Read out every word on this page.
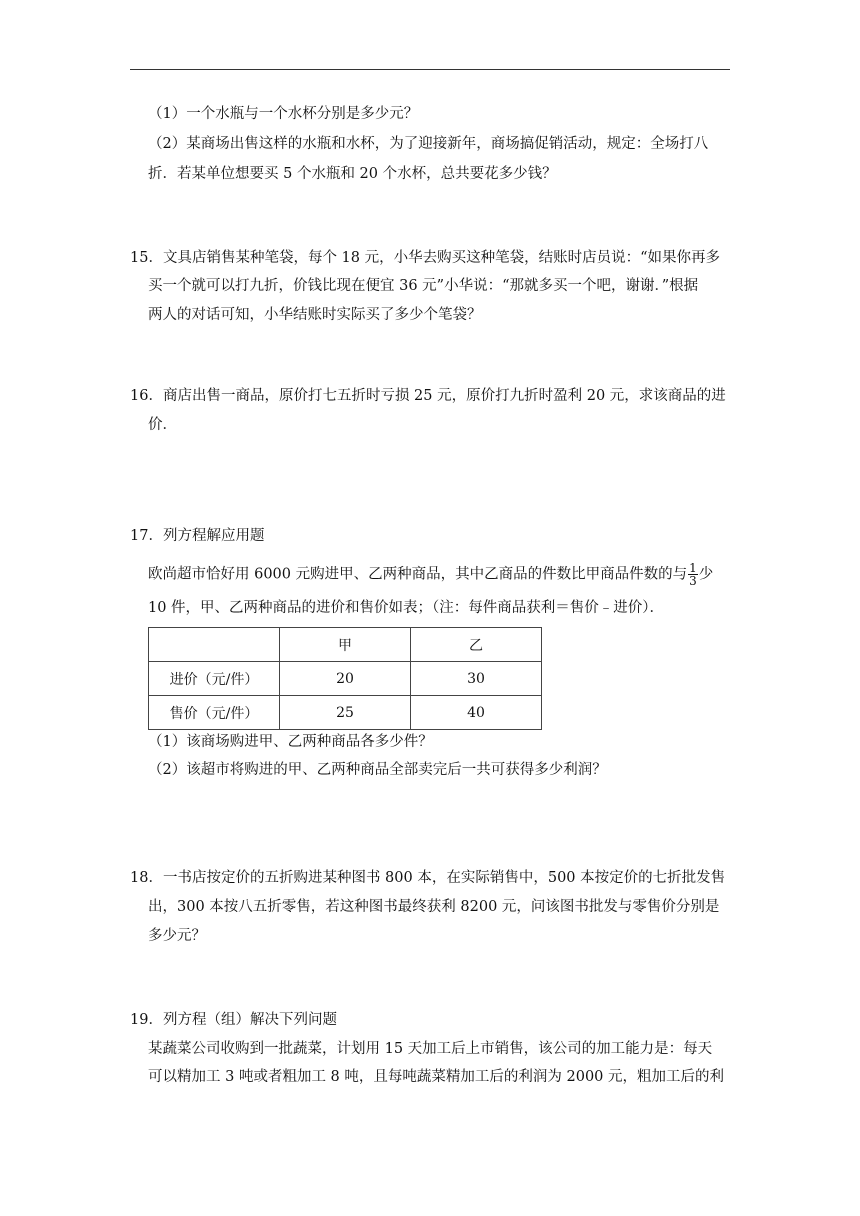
（1）一个水瓶与一个水杯分别是多少元？
（2）某商场出售这样的水瓶和水杯，为了迎接新年，商场搞促销活动，规定：全场打八
折．若某单位想要买 5 个水瓶和 20 个水杯，总共要花多少钱？
15．文具店销售某种笔袋，每个 18 元，小华去购买这种笔袋，结账时店员说：“如果你再多
买一个就可以打九折，价钱比现在便宜 36 元”小华说：“那就多买一个吧，谢谢．”根据
两人的对话可知，小华结账时实际买了多少个笔袋？
16．商店出售一商品，原价打七五折时亏损 25 元，原价打九折时盈利 20 元，求该商品的进
价．
17．列方程解应用题
欧尚超市恰好用 6000 元购进甲、乙两种商品，其中乙商品的件数比甲商品件数的与 $\frac{1}{3}$ 少
10 件，甲、乙两种商品的进价和售价如表；（注：每件商品获利＝售价﹣进价）．
	甲	乙
进价（元/件）	20	30
售价（元/件）	25	40
（1）该商场购进甲、乙两种商品各多少件？
（2）该超市将购进的甲、乙两种商品全部卖完后一共可获得多少利润？
18．一书店按定价的五折购进某种图书 800 本，在实际销售中，500 本按定价的七折批发售
出，300 本按八五折零售，若这种图书最终获利 8200 元，问该图书批发与零售价分别是
多少元？
19．列方程（组）解决下列问题
某蔬菜公司收购到一批蔬菜，计划用 15 天加工后上市销售，该公司的加工能力是：每天
可以精加工 3 吨或者粗加工 8 吨，且每吨蔬菜精加工后的利润为 2000 元，粗加工后的利
